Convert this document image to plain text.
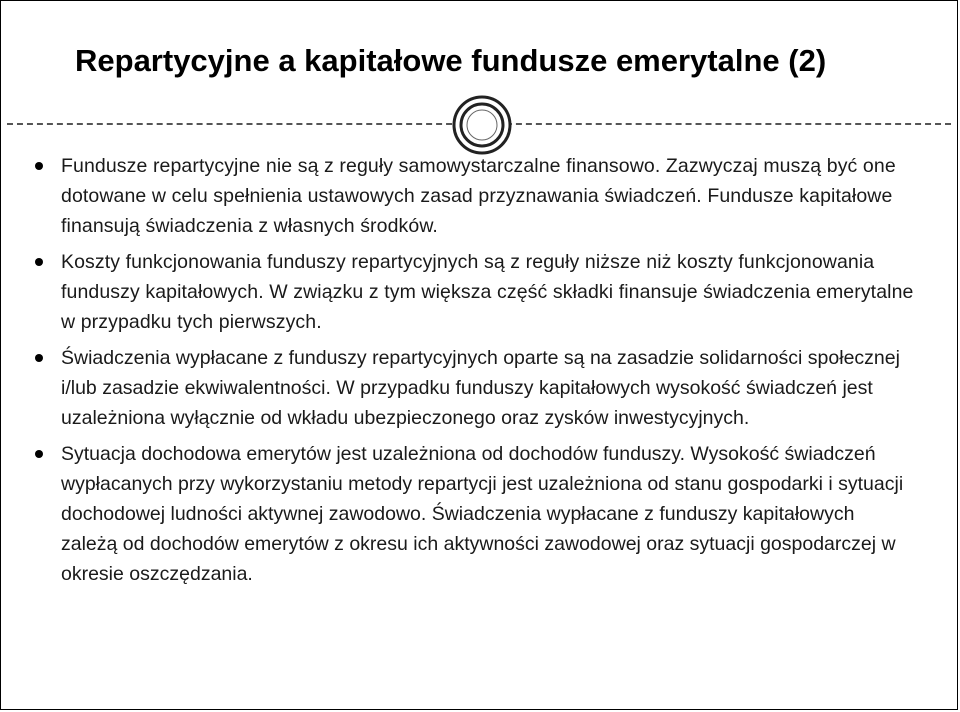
Repartycyjne a kapitałowe fundusze emerytalne (2)
Fundusze repartycyjne nie są z reguły samowystarczalne finansowo. Zazwyczaj muszą być one dotowane w celu spełnienia ustawowych zasad przyznawania świadczeń. Fundusze kapitałowe finansują świadczenia z własnych środków.
Koszty funkcjonowania funduszy repartycyjnych są z reguły niższe niż koszty funkcjonowania funduszy kapitałowych. W związku z tym większa część składki finansuje świadczenia emerytalne w przypadku tych pierwszych.
Świadczenia wypłacane z funduszy repartycyjnych oparte są na zasadzie solidarności społecznej i/lub zasadzie ekwiwalentności. W przypadku funduszy kapitałowych wysokość świadczeń jest uzależniona wyłącznie od wkładu ubezpieczonego oraz zysków inwestycyjnych.
Sytuacja dochodowa emerytów jest uzależniona od dochodów funduszy. Wysokość świadczeń wypłacanych przy wykorzystaniu metody repartycji jest uzależniona od stanu gospodarki i sytuacji dochodowej ludności aktywnej zawodowo. Świadczenia wypłacane z funduszy kapitałowych zależą od dochodów emerytów z okresu ich aktywności zawodowej oraz sytuacji gospodarczej w okresie oszczędzania.
